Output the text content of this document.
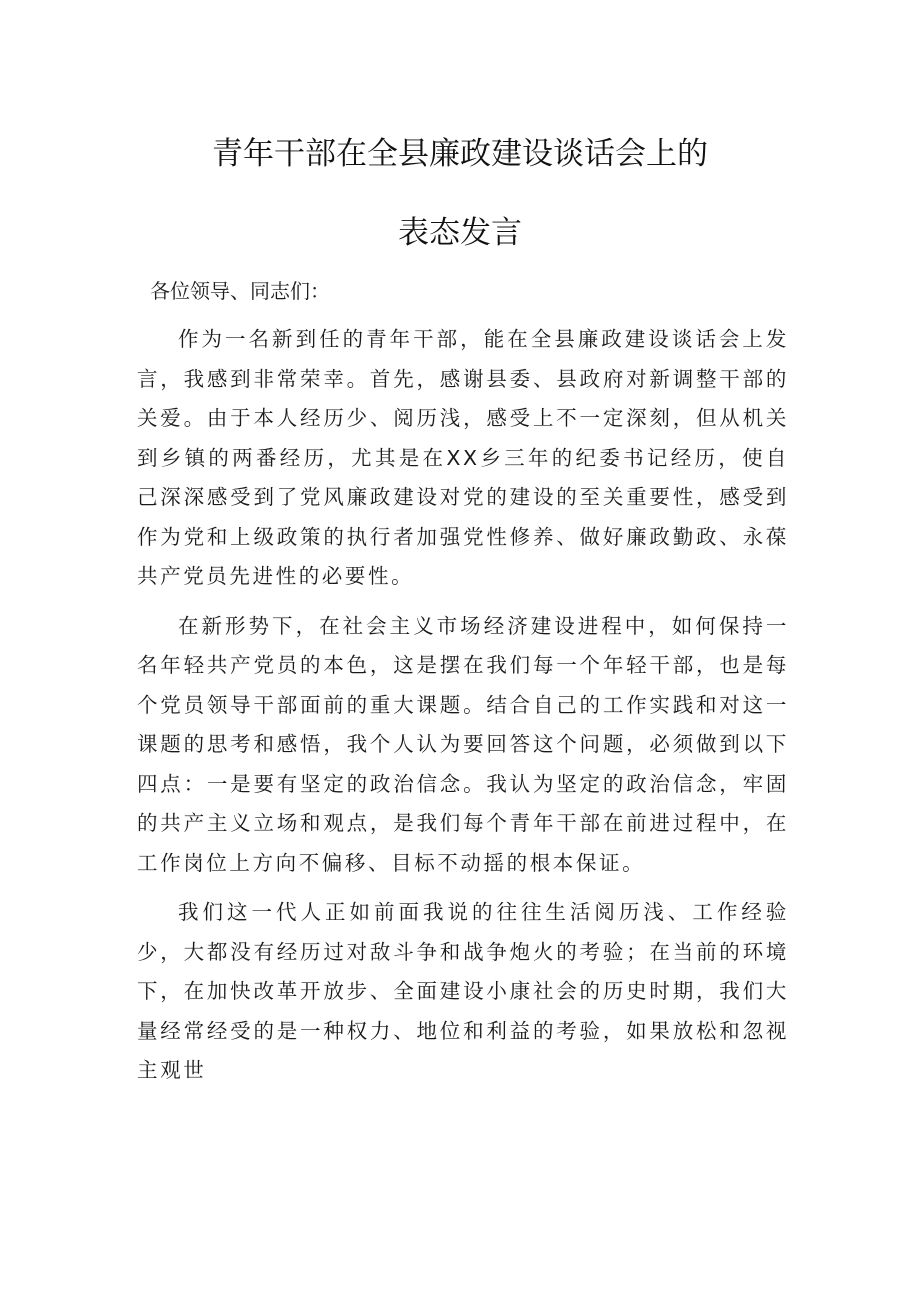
青年干部在全县廉政建设谈话会上的
表态发言

各位领导、同志们：

作为一名新到任的青年干部，能在全县廉政建设谈话会上发言，我感到非常荣幸。首先，感谢县委、县政府对新调整干部的关爱。由于本人经历少、阅历浅，感受上不一定深刻，但从机关到乡镇的两番经历，尤其是在XX乡三年的纪委书记经历，使自己深深感受到了党风廉政建设对党的建设的至关重要性，感受到作为党和上级政策的执行者加强党性修养、做好廉政勤政、永葆共产党员先进性的必要性。

在新形势下，在社会主义市场经济建设进程中，如何保持一名年轻共产党员的本色，这是摆在我们每一个年轻干部，也是每个党员领导干部面前的重大课题。结合自己的工作实践和对这一课题的思考和感悟，我个人认为要回答这个问题，必须做到以下四点：一是要有坚定的政治信念。我认为坚定的政治信念，牢固的共产主义立场和观点，是我们每个青年干部在前进过程中，在工作岗位上方向不偏移、目标不动摇的根本保证。

我们这一代人正如前面我说的往往生活阅历浅、工作经验少，大都没有经历过对敌斗争和战争炮火的考验；在当前的环境下，在加快改革开放步、全面建设小康社会的历史时期，我们大量经常经受的是一种权力、地位和利益的考验，如果放松和忽视主观世
